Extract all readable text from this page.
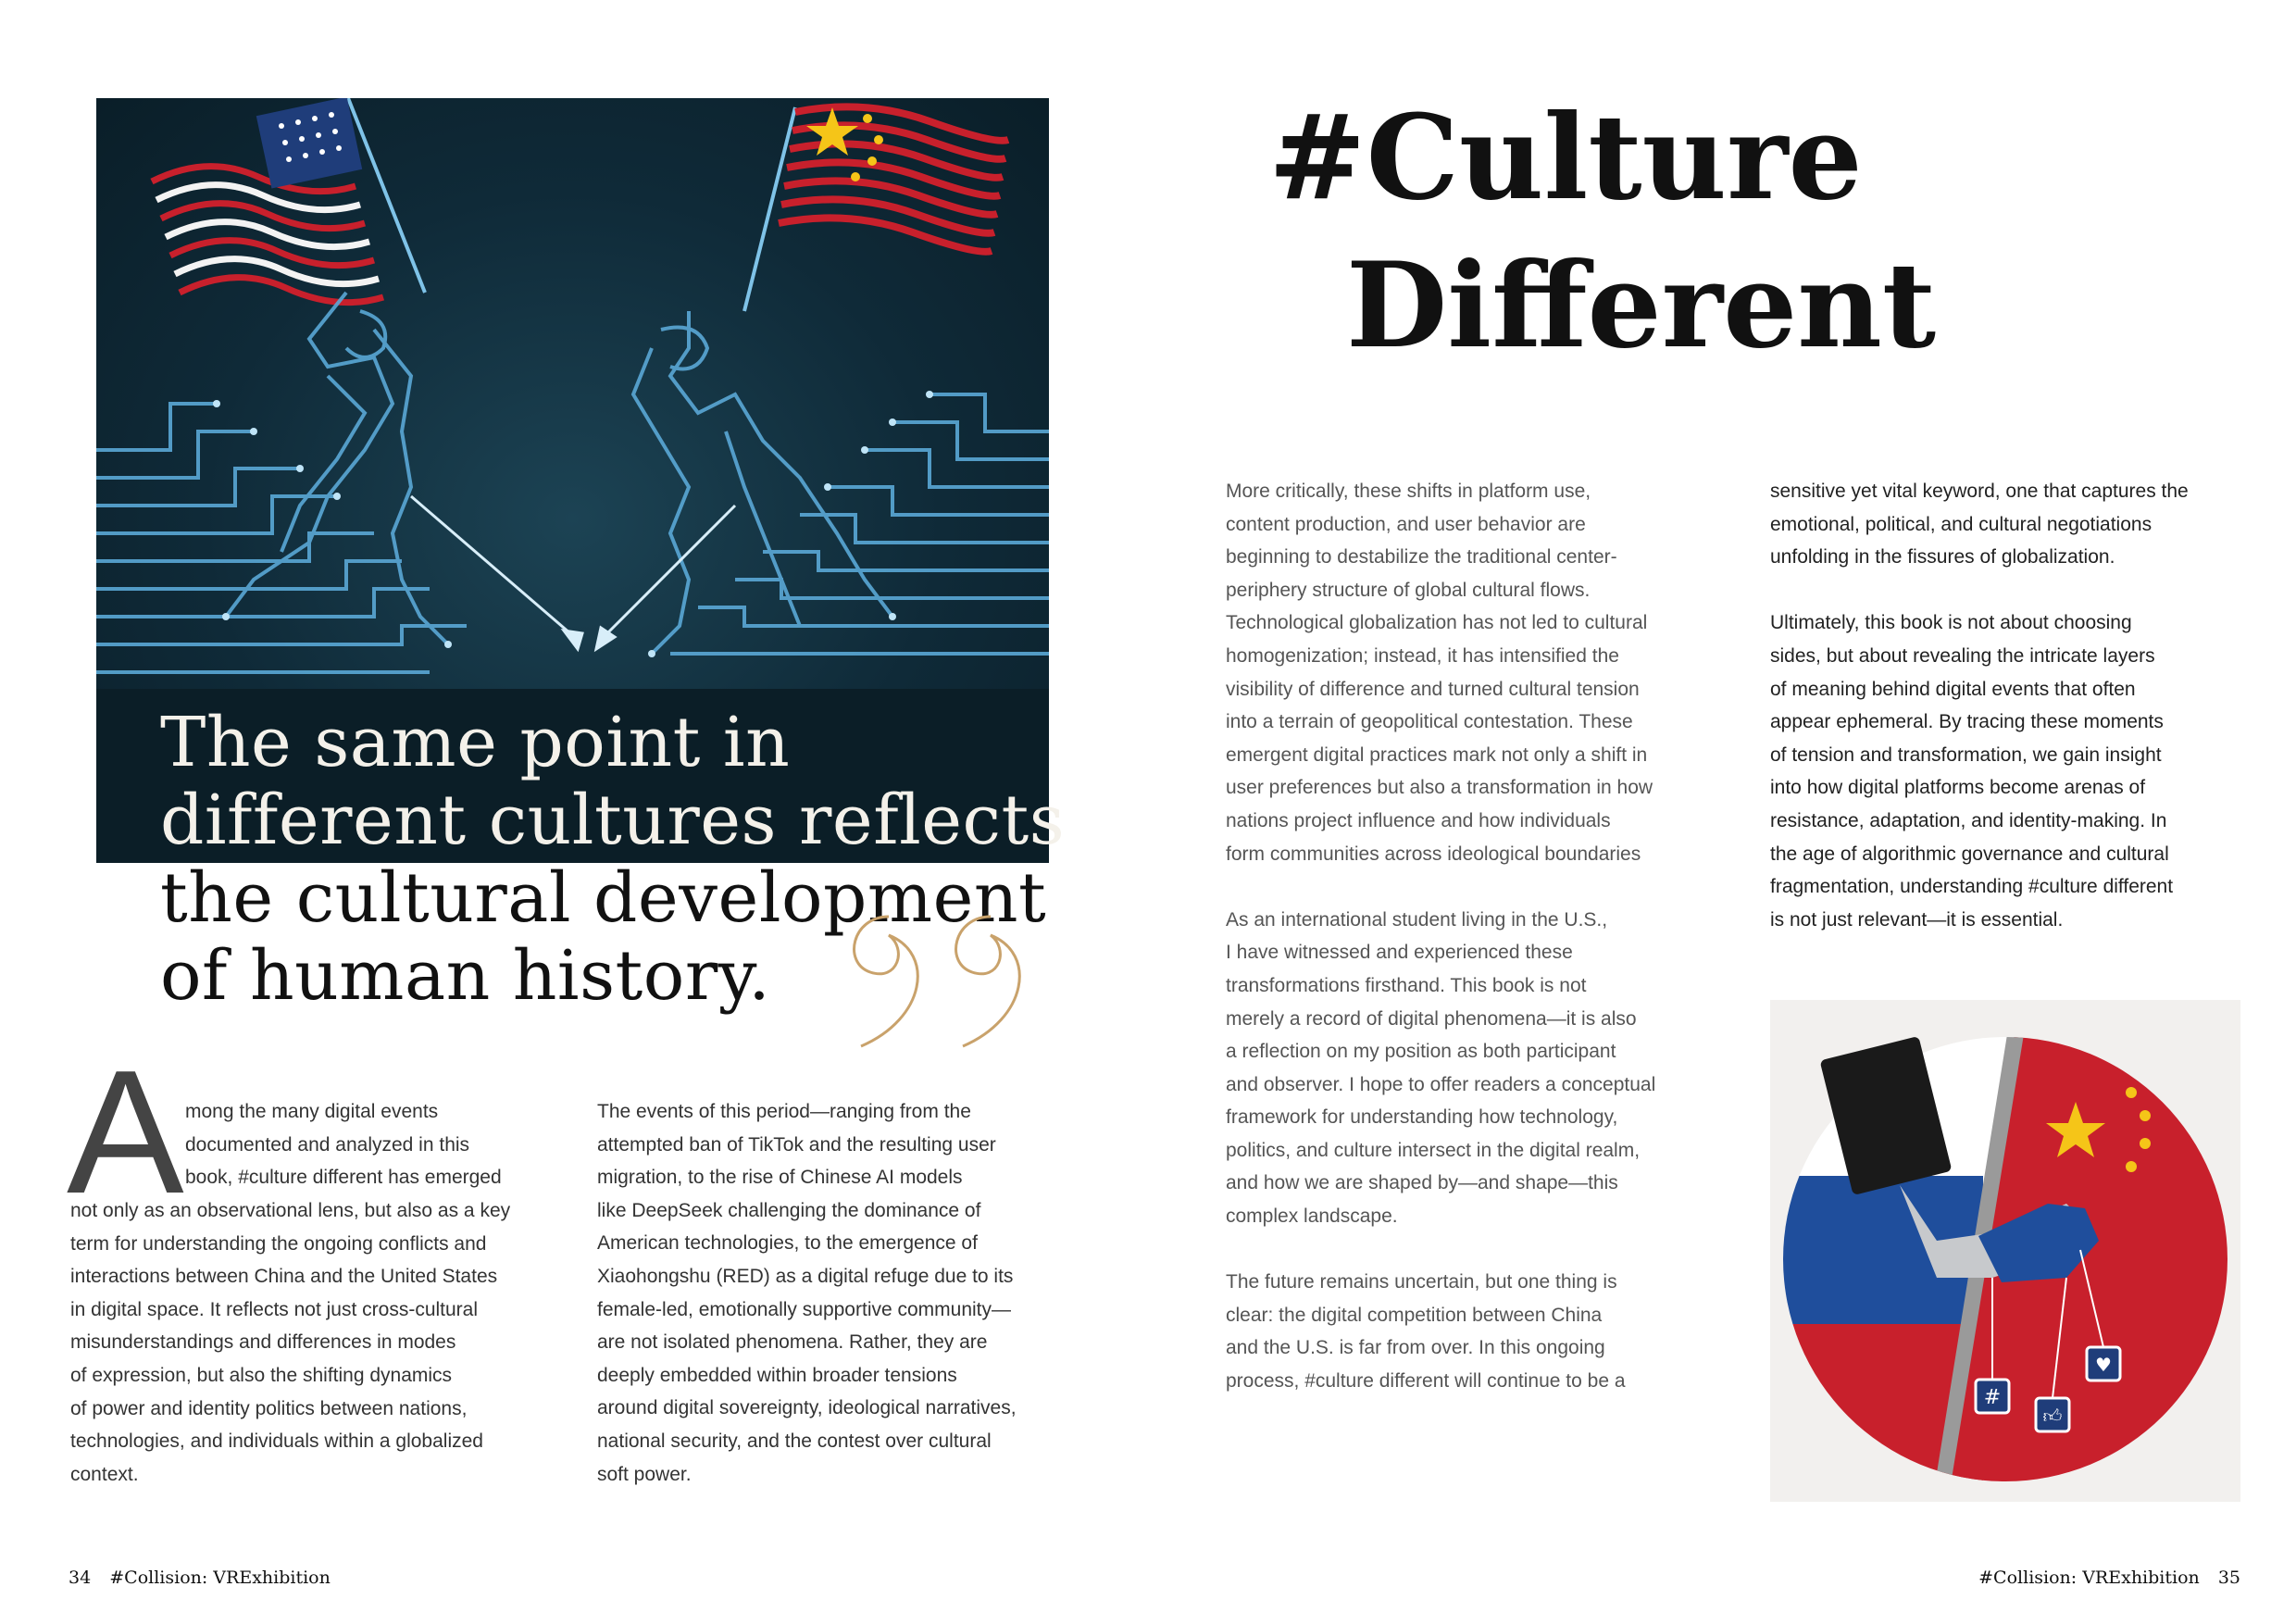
The same point in
different cultures reflects
the cultural development
of human history.
A mong the many digital events
documented and analyzed in this
book, #culture different has emerged
not only as an observational lens, but also as a key
term for understanding the ongoing conflicts and
interactions between China and the United States
in digital space. It reflects not just cross-cultural
misunderstandings and differences in modes
of expression, but also the shifting dynamics
of power and identity politics between nations,
technologies, and individuals within a globalized
context.
The events of this period—ranging from the
attempted ban of TikTok and the resulting user
migration, to the rise of Chinese AI models
like DeepSeek challenging the dominance of
American technologies, to the emergence of
Xiaohongshu (RED) as a digital refuge due to its
female-led, emotionally supportive community—
are not isolated phenomena. Rather, they are
deeply embedded within broader tensions
around digital sovereignty, ideological narratives,
national security, and the contest over cultural
soft power.
#Culture
Different
More critically, these shifts in platform use,
content production, and user behavior are
beginning to destabilize the traditional center-
periphery structure of global cultural flows.
Technological globalization has not led to cultural
homogenization; instead, it has intensified the
visibility of difference and turned cultural tension
into a terrain of geopolitical contestation. These
emergent digital practices mark not only a shift in
user preferences but also a transformation in how
nations project influence and how individuals
form communities across ideological boundaries

As an international student living in the U.S.,
I have witnessed and experienced these
transformations firsthand. This book is not
merely a record of digital phenomena—it is also
a reflection on my position as both participant
and observer. I hope to offer readers a conceptual
framework for understanding how technology,
politics, and culture intersect in the digital realm,
and how we are shaped by—and shape—this
complex landscape.

The future remains uncertain, but one thing is
clear: the digital competition between China
and the U.S. is far from over. In this ongoing
process, #culture different will continue to be a
sensitive yet vital keyword, one that captures the
emotional, political, and cultural negotiations
unfolding in the fissures of globalization.

Ultimately, this book is not about choosing
sides, but about revealing the intricate layers
of meaning behind digital events that often
appear ephemeral. By tracing these moments
of tension and transformation, we gain insight
into how digital platforms become arenas of
resistance, adaptation, and identity-making. In
the age of algorithmic governance and cultural
fragmentation, understanding #culture different
is not just relevant—it is essential.
#
👍︎
♥
34 #Collision: VRExhibition	#Collision: VRExhibition 35
